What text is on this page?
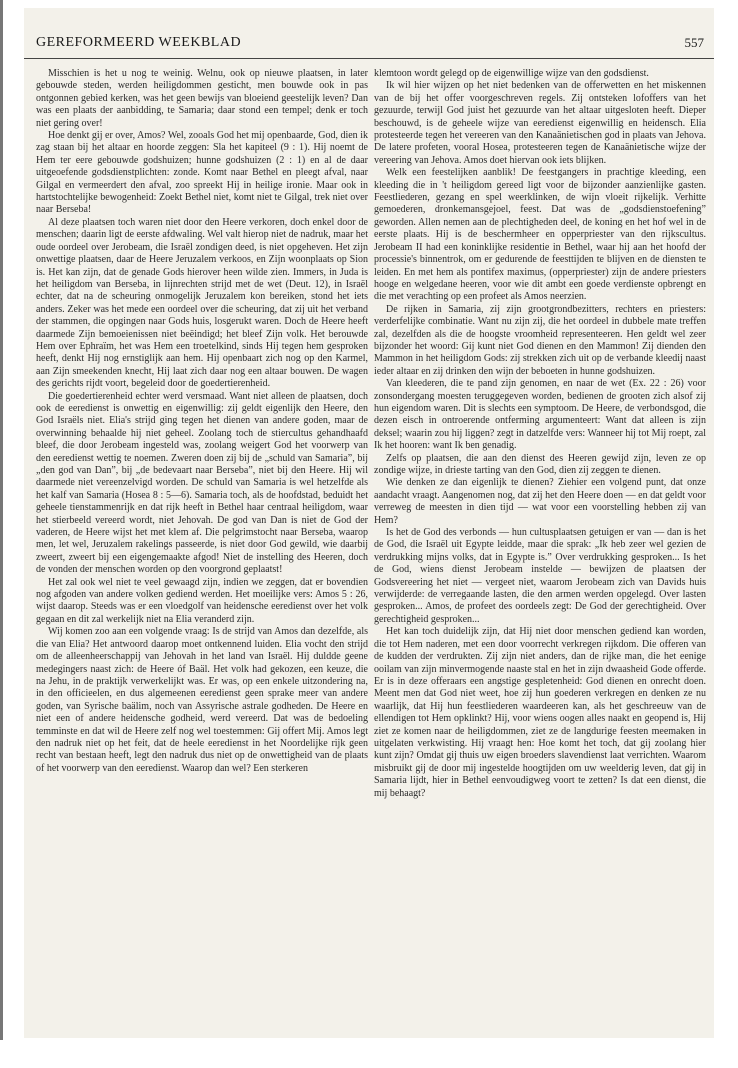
GEREFORMEERD WEEKBLAD	557

Misschien is het u nog te weinig. Welnu, ook op nieuwe plaatsen, in later gebouwde steden, werden heiligdommen gesticht, men bouwde ook in pas ontgonnen gebied kerken, was het geen bewijs van bloeiend geestelijk leven? Dan was een plaats der aanbidding, te Samaria; daar stond een tempel; denk er toch niet gering over!

Hoe denkt gij er over, Amos? Wel, zooals God het mij openbaarde, God, dien ik zag staan bij het altaar en hoorde zeggen: Sla het kapiteel (9 : 1). Hij noemt de Hem ter eere gebouwde godshuizen; hunne godshuizen (2 : 1) en al de daar uitgeoefende godsdienstplichten: zonde. Komt naar Bethel en pleegt afval, naar Gilgal en vermeerdert den afval, zoo spreekt Hij in heilige ironie. Maar ook in hartstochtelijke bewogenheid: Zoekt Bethel niet, komt niet te Gilgal, trek niet over naar Berseba!

Al deze plaatsen toch waren niet door den Heere verkoren, doch enkel door de menschen; daarin ligt de eerste afdwaling. Wel valt hierop niet de nadruk, maar het oude oordeel over Jerobeam, die Israël zondigen deed, is niet opgeheven. Het zijn onwettige plaatsen, daar de Heere Jeruzalem verkoos, en Zijn woonplaats op Sion is. Het kan zijn, dat de genade Gods hierover heen wilde zien. Immers, in Juda is het heiligdom van Berseba, in lijnrechten strijd met de wet (Deut. 12), in Israël echter, dat na de scheuring onmogelijk Jeruzalem kon bereiken, stond het iets anders. Zeker was het mede een oordeel over die scheuring, dat zij uit het verband der stammen, die opgingen naar Gods huis, losgerukt waren. Doch de Heere heeft daarmede Zijn bemoeienissen niet beëindigd; het bleef Zijn volk. Het berouwde Hem over Ephraïm, het was Hem een troetelkind, sinds Hij tegen hem gesproken heeft, denkt Hij nog ernstiglijk aan hem. Hij openbaart zich nog op den Karmel, aan Zijn smeekenden knecht, Hij laat zich daar nog een altaar bouwen. De wagen des gerichts rijdt voort, begeleid door de goedertierenheid.

Die goedertierenheid echter werd versmaad. Want niet alleen de plaatsen, doch ook de eeredienst is onwettig en eigenwillig: zij geldt eigenlijk den Heere, den God Israëls niet. Elia's strijd ging tegen het dienen van andere goden, maar de overwinning behaalde hij niet geheel. Zoolang toch de stiercultus gehandhaafd bleef, die door Jerobeam ingesteld was, zoolang weigert God het voorwerp van den eeredienst wettig te noemen. Zweren doen zij bij de „schuld van Samaria”, bij „den god van Dan”, bij „de bedevaart naar Berseba”, niet bij den Heere. Hij wil daarmede niet vereenzelvigd worden. De schuld van Samaria is wel hetzelfde als het kalf van Samaria (Hosea 8 : 5—6). Samaria toch, als de hoofdstad, beduidt het geheele tienstammenrijk en dat rijk heeft in Bethel haar centraal heiligdom, waar het stierbeeld vereerd wordt, niet Jehovah. De god van Dan is niet de God der vaderen, de Heere wijst het met klem af. Die pelgrimstocht naar Berseba, waarop men, let wel, Jeruzalem rakelings passeerde, is niet door God gewild, wie daarbij zweert, zweert bij een eigengemaakte afgod! Niet de instelling des Heeren, doch de vonden der menschen worden op den voorgrond geplaatst!

Het zal ook wel niet te veel gewaagd zijn, indien we zeggen, dat er bovendien nog afgoden van andere volken gediend werden. Het moeilijke vers: Amos 5 : 26, wijst daarop. Steeds was er een vloedgolf van heidensche eeredienst over het volk gegaan en dit zal werkelijk niet na Elia veranderd zijn.

Wij komen zoo aan een volgende vraag: Is de strijd van Amos dan dezelfde, als die van Elia? Het antwoord daarop moet ontkennend luiden. Elia vocht den strijd om de alleenheerschappij van Jehovah in het land van Israël. Hij duldde geene medegingers naast zich: de Heere óf Baäl. Het volk had gekozen, een keuze, die na Jehu, in de praktijk verwerkelijkt was. Er was, op een enkele uitzondering na, in den officieelen, en dus algemeenen eeredienst geen sprake meer van andere goden, van Syrische baälim, noch van Assyrische astrale godheden. De Heere en niet een of andere heidensche godheid, werd vereerd. Dat was de bedoeling temminste en dat wil de Heere zelf nog wel toestemmen: Gij offert Mij. Amos legt den nadruk niet op het feit, dat de heele eeredienst in het Noordelijke rijk geen recht van bestaan heeft, legt den nadruk dus niet op de onwettigheid van de plaats of het voorwerp van den eeredienst. Waarop dan wel? Een sterkeren

klemtoon wordt gelegd op de eigenwillige wijze van den godsdienst.

Ik wil hier wijzen op het niet bedenken van de offerwetten en het miskennen van de bij het offer voorgeschreven regels. Zij ontsteken lofoffers van het gezuurde, terwijl God juist het gezuurde van het altaar uitgesloten heeft. Dieper beschouwd, is de geheele wijze van eeredienst eigenwillig en heidensch. Elia protesteerde tegen het vereeren van den Kanaänietischen god in plaats van Jehova. De latere profeten, vooral Hosea, protesteeren tegen de Kanaänietische wijze der vereering van Jehova. Amos doet hiervan ook iets blijken.

Welk een feestelijken aanblik! De feestgangers in prachtige kleeding, een kleeding die in 't heiligdom gereed ligt voor de bijzonder aanzienlijke gasten. Feestliederen, gezang en spel weerklinken, de wijn vloeit rijkelijk. Verhitte gemoederen, dronkemansgejoel, feest. Dat was de „godsdienstoefening” geworden. Allen nemen aan de plechtigheden deel, de koning en het hof wel in de eerste plaats. Hij is de beschermheer en opperpriester van den rijkscultus. Jerobeam II had een koninklijke residentie in Bethel, waar hij aan het hoofd der processie's binnentrok, om er gedurende de feesttijden te blijven en de diensten te leiden. En met hem als pontifex maximus, (opperpriester) zijn de andere priesters hooge en welgedane heeren, voor wie dit ambt een goede verdienste opbrengt en die met verachting op een profeet als Amos neerzien.

De rijken in Samaria, zij zijn grootgrondbezitters, rechters en priesters: verderfelijke combinatie. Want nu zijn zij, die het oordeel in dubbele mate treffen zal, dezelfden als die de hoogste vroomheid representeeren. Hen geldt wel zeer bijzonder het woord: Gij kunt niet God dienen en den Mammon! Zij dienden den Mammon in het heiligdom Gods: zij strekken zich uit op de verbande kleedij naast ieder altaar en zij drinken den wijn der beboeten in hunne godshuizen.

Van kleederen, die te pand zijn genomen, en naar de wet (Ex. 22 : 26) voor zonsondergang moesten teruggegeven worden, bedienen de grooten zich alsof zij hun eigendom waren. Dit is slechts een symptoom. De Heere, de verbondsgod, die dezen eisch in ontroerende ontferming argumenteert: Want dat alleen is zijn deksel; waarin zou hij liggen? zegt in datzelfde vers: Wanneer hij tot Mij roept, zal Ik het hooren: want Ik ben genadig.

Zelfs op plaatsen, die aan den dienst des Heeren gewijd zijn, leven ze op zondige wijze, in drieste tarting van den God, dien zij zeggen te dienen.

Wie denken ze dan eigenlijk te dienen? Ziehier een volgend punt, dat onze aandacht vraagt. Aangenomen nog, dat zij het den Heere doen — en dat geldt voor verreweg de meesten in dien tijd — wat voor een voorstelling hebben zij van Hem?

Is het de God des verbonds — hun cultusplaatsen getuigen er van — dan is het de God, die Israël uit Egypte leidde, maar die sprak: „Ik heb zeer wel gezien de verdrukking mijns volks, dat in Egypte is.” Over verdrukking gesproken... Is het de God, wiens dienst Jerobeam instelde — bewijzen de plaatsen der Godsvereering het niet — vergeet niet, waarom Jerobeam zich van Davids huis verwijderde: de verregaande lasten, die den armen werden opgelegd. Over lasten gesproken... Amos, de profeet des oordeels zegt: De God der gerechtigheid. Over gerechtigheid gesproken...

Het kan toch duidelijk zijn, dat Hij niet door menschen gediend kan worden, die tot Hem naderen, met een door voorrecht verkregen rijkdom. Die offeren van de kudden der verdrukten. Zij zijn niet anders, dan de rijke man, die het eenige ooilam van zijn minvermogende naaste stal en het in zijn dwaasheid Gode offerde. Er is in deze offeraars een angstige gespletenheid: God dienen en onrecht doen. Meent men dat God niet weet, hoe zij hun goederen verkregen en denken ze nu waarlijk, dat Hij hun feestliederen waardeeren kan, als het geschreeuw van de ellendigen tot Hem opklinkt? Hij, voor wiens oogen alles naakt en geopend is, Hij ziet ze komen naar de heiligdommen, ziet ze de langdurige feesten meemaken in uitgelaten verkwisting. Hij vraagt hen: Hoe komt het toch, dat gij zoolang hier kunt zijn? Omdat gij thuis uw eigen broeders slavendienst laat verrichten. Waarom misbruikt gij de door mij ingestelde hoogtijden om uw weelderig leven, dat gij in Samaria lijdt, hier in Bethel eenvoudigweg voort te zetten? Is dat een dienst, die mij behaagt?
